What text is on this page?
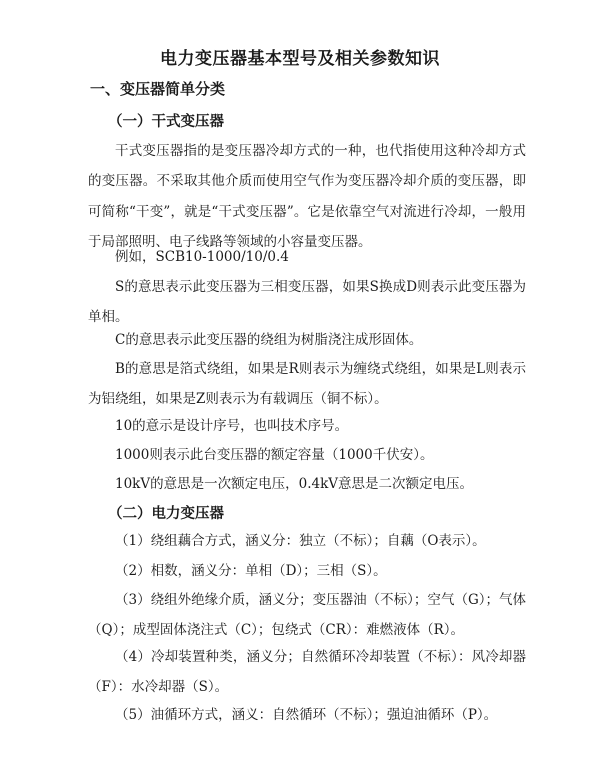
电力变压器基本型号及相关参数知识
一、变压器简单分类
（一）干式变压器
干式变压器指的是变压器冷却方式的一种，也代指使用这种冷却方式的变压器。不采取其他介质而使用空气作为变压器冷却介质的变压器，即可简称“干变”，就是“干式变压器”。它是依靠空气对流进行冷却，一般用于局部照明、电子线路等领域的小容量变压器。
例如，SCB10-1000/10/0.4
S的意思表示此变压器为三相变压器，如果S换成D则表示此变压器为单相。
C的意思表示此变压器的绕组为树脂浇注成形固体。
B的意思是箔式绕组，如果是R则表示为缠绕式绕组，如果是L则表示为铝绕组，如果是Z则表示为有载调压（铜不标）。
10的意示是设计序号，也叫技术序号。
1000则表示此台变压器的额定容量（1000千伏安）。
10kV的意思是一次额定电压，0.4kV意思是二次额定电压。
（二）电力变压器
（1）绕组藕合方式，涵义分：独立（不标）；自藕（O表示）。
（2）相数，涵义分：单相（D）；三相（S）。
（3）绕组外绝缘介质，涵义分；变压器油（不标）；空气（G）；气体（Q）；成型固体浇注式（C）；包绕式（CR）：难燃液体（R）。
（4）冷却装置种类，涵义分；自然循环冷却装置（不标）：风冷却器（F）：水冷却器（S）。
（5）油循环方式，涵义：自然循环（不标）；强迫油循环（P）。
